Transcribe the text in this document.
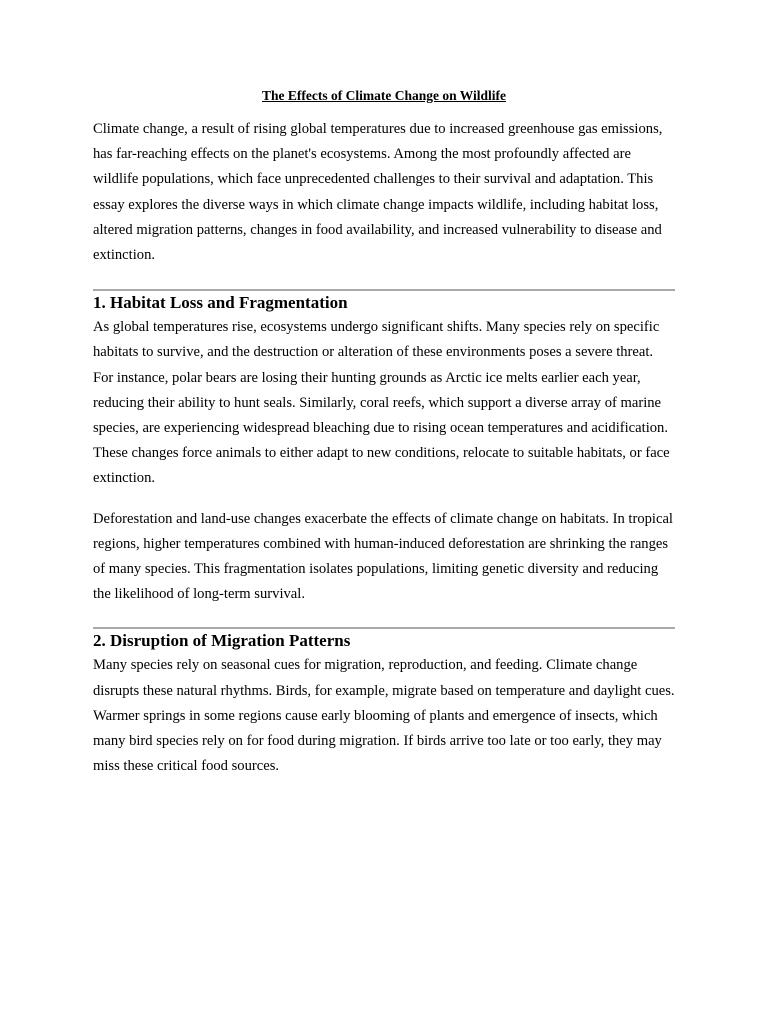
The Effects of Climate Change on Wildlife

Climate change, a result of rising global temperatures due to increased greenhouse gas emissions, has far-reaching effects on the planet's ecosystems. Among the most profoundly affected are wildlife populations, which face unprecedented challenges to their survival and adaptation. This essay explores the diverse ways in which climate change impacts wildlife, including habitat loss, altered migration patterns, changes in food availability, and increased vulnerability to disease and extinction.

1. Habitat Loss and Fragmentation

As global temperatures rise, ecosystems undergo significant shifts. Many species rely on specific habitats to survive, and the destruction or alteration of these environments poses a severe threat. For instance, polar bears are losing their hunting grounds as Arctic ice melts earlier each year, reducing their ability to hunt seals. Similarly, coral reefs, which support a diverse array of marine species, are experiencing widespread bleaching due to rising ocean temperatures and acidification. These changes force animals to either adapt to new conditions, relocate to suitable habitats, or face extinction.

Deforestation and land-use changes exacerbate the effects of climate change on habitats. In tropical regions, higher temperatures combined with human-induced deforestation are shrinking the ranges of many species. This fragmentation isolates populations, limiting genetic diversity and reducing the likelihood of long-term survival.

2. Disruption of Migration Patterns

Many species rely on seasonal cues for migration, reproduction, and feeding. Climate change disrupts these natural rhythms. Birds, for example, migrate based on temperature and daylight cues. Warmer springs in some regions cause early blooming of plants and emergence of insects, which many bird species rely on for food during migration. If birds arrive too late or too early, they may miss these critical food sources.
